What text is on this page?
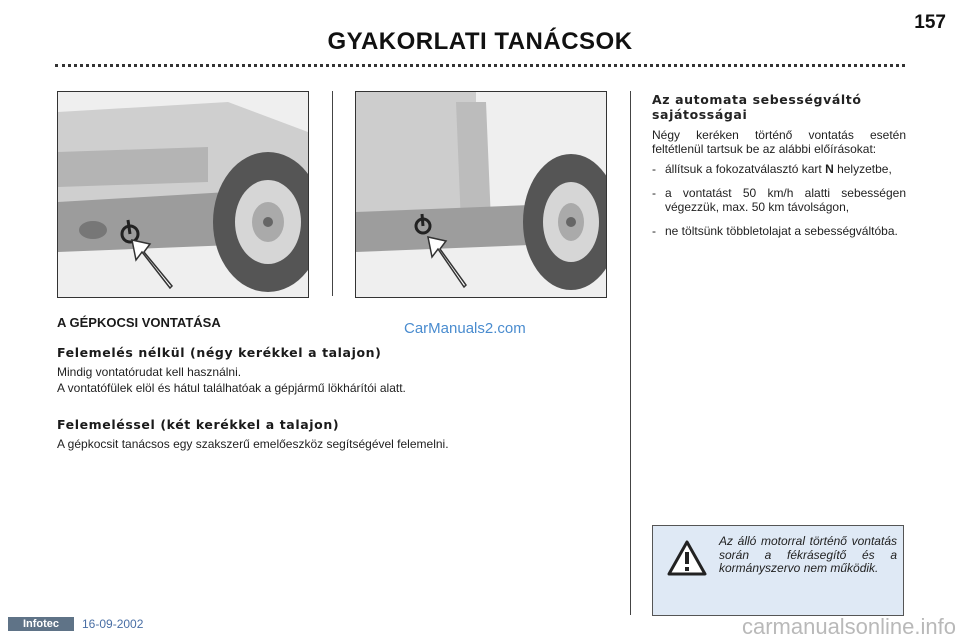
157
GYAKORLATI TANÁCSOK
CarManuals2.com
A GÉPKOCSI VONTATÁSA
Felemelés nélkül (négy kerékkel a talajon)
Mindig vontatórudat kell használni.
A vontatófülek elöl és hátul találhatóak a gépjármű lökhárítói alatt.
Felemeléssel (két kerékkel a talajon)
A gépkocsit tanácsos egy szakszerű emelőeszköz segítségével felemelni.
Az automata sebességváltó sajátosságai
Négy keréken történő vontatás esetén feltétlenül tartsuk be az alábbi előírásokat:
- állítsuk a fokozatválasztó kart N helyzetbe,
- a vontatást 50 km/h alatti sebességen végezzük, max. 50 km távolságon,
- ne töltsünk többletolajat a sebességváltóba.
Az álló motorral történő vontatás során a fékrásegítő és a kormányszervo nem működik.
Infotec	16-09-2002	carmanualsonline.info
